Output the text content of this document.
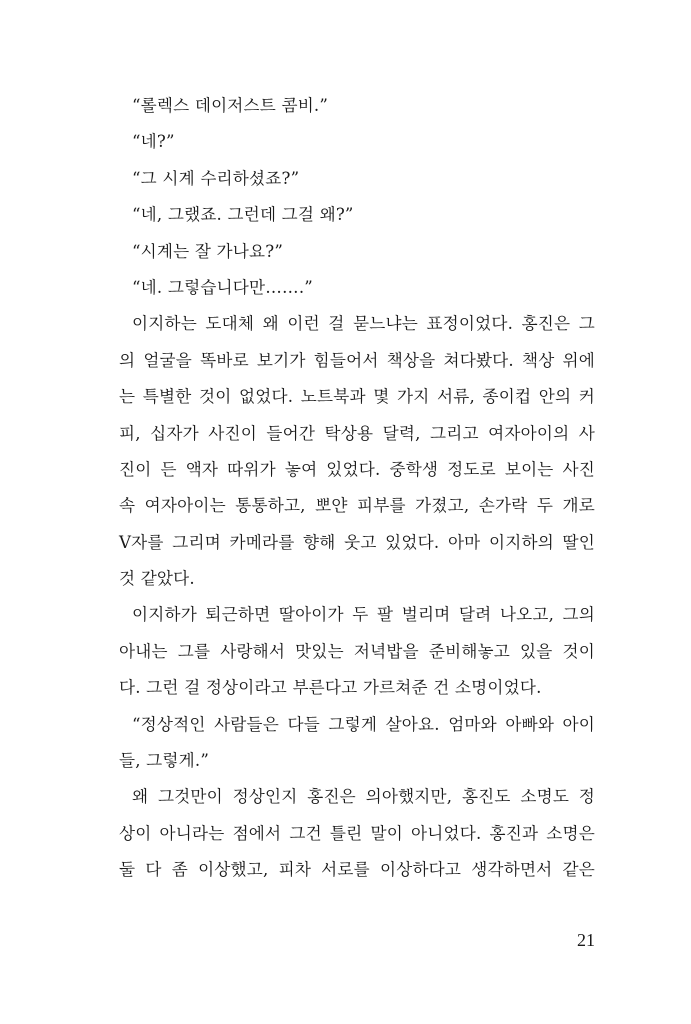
“롤렉스 데이저스트 콤비.”
“네?”
“그 시계 수리하셨죠?”
“네, 그랬죠. 그런데 그걸 왜?”
“시계는 잘 가나요?”
“네. 그렇습니다만…….”
이지하는 도대체 왜 이런 걸 묻느냐는 표정이었다. 홍진은 그
의 얼굴을 똑바로 보기가 힘들어서 책상을 쳐다봤다. 책상 위에
는 특별한 것이 없었다. 노트북과 몇 가지 서류, 종이컵 안의 커
피, 십자가 사진이 들어간 탁상용 달력, 그리고 여자아이의 사
진이 든 액자 따위가 놓여 있었다. 중학생 정도로 보이는 사진
속 여자아이는 통통하고, 뽀얀 피부를 가졌고, 손가락 두 개로
V자를 그리며 카메라를 향해 웃고 있었다. 아마 이지하의 딸인
것 같았다.
이지하가 퇴근하면 딸아이가 두 팔 벌리며 달려 나오고, 그의
아내는 그를 사랑해서 맛있는 저녁밥을 준비해놓고 있을 것이
다. 그런 걸 정상이라고 부른다고 가르쳐준 건 소명이었다.
“정상적인 사람들은 다들 그렇게 살아요. 엄마와 아빠와 아이
들, 그렇게.”
왜 그것만이 정상인지 홍진은 의아했지만, 홍진도 소명도 정
상이 아니라는 점에서 그건 틀린 말이 아니었다. 홍진과 소명은
둘 다 좀 이상했고, 피차 서로를 이상하다고 생각하면서 같은
21
